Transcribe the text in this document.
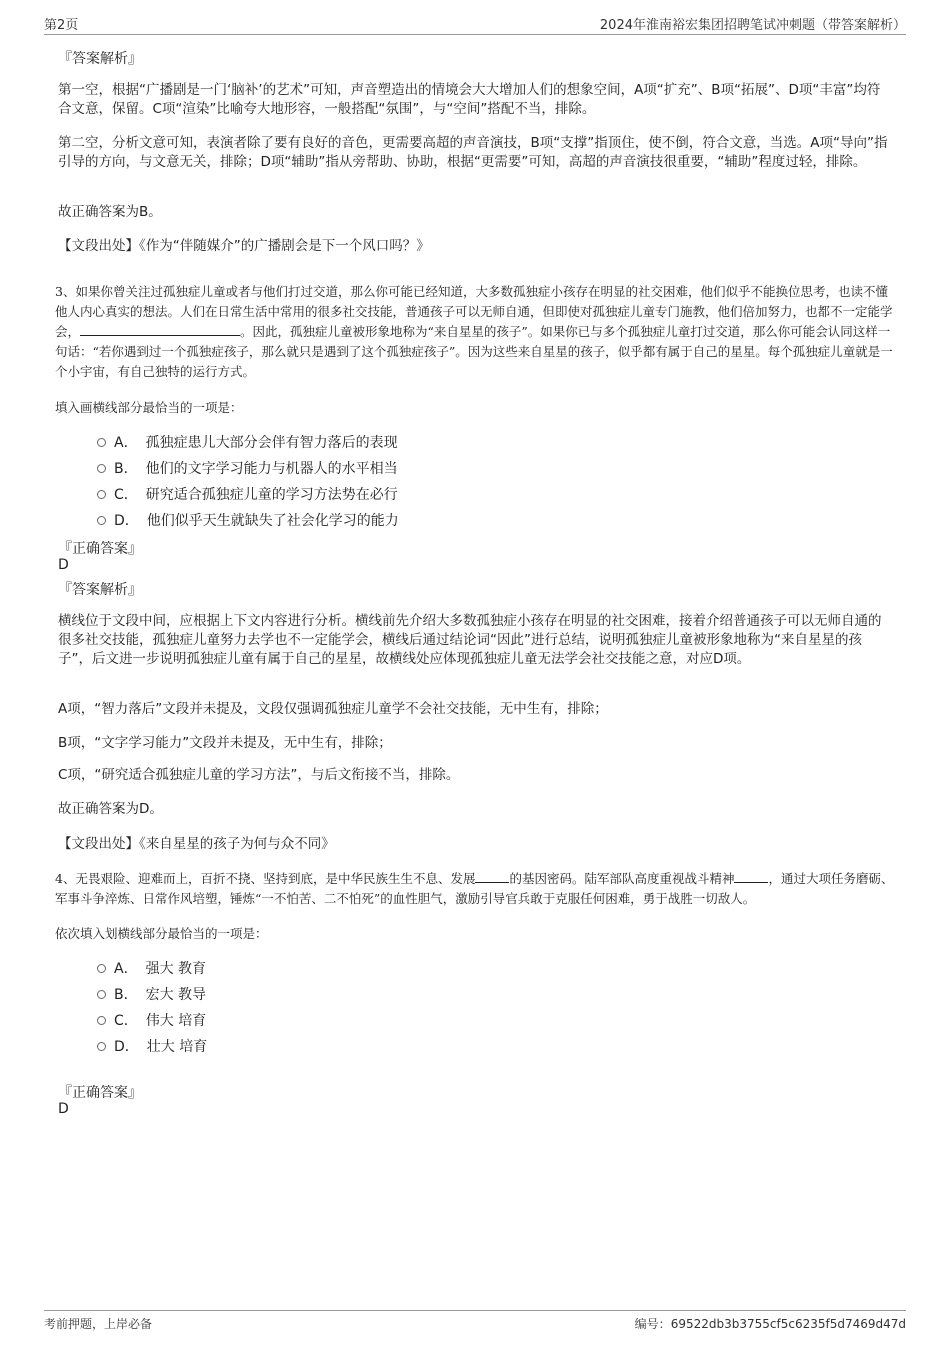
第2页	2024年淮南裕宏集团招聘笔试冲刺题（带答案解析）
『答案解析』
第一空，根据“广播剧是一门‘脑补’的艺术”可知，声音塑造出的情境会大大增加人们的想象空间，A项“扩充”、B项“拓展”、D项“丰富”均符合文意，保留。C项“渲染”比喻夸大地形容，一般搭配“氛围”，与“空间”搭配不当，排除。
第二空，分析文意可知，表演者除了要有良好的音色，更需要高超的声音演技，B项“支撑”指顶住，使不倒，符合文意，当选。A项“导向”指引导的方向，与文意无关，排除；D项“辅助”指从旁帮助、协助，根据“更需要”可知，高超的声音演技很重要，“辅助”程度过轻，排除。
故正确答案为B。
【文段出处】《作为“伴随媒介”的广播剧会是下一个风口吗？》
3、如果你曾关注过孤独症儿童或者与他们打过交道，那么你可能已经知道，大多数孤独症小孩存在明显的社交困难，他们似乎不能换位思考，也读不懂他人内心真实的想法。人们在日常生活中常用的很多社交技能，普通孩子可以无师自通，但即使对孤独症儿童专门施教，他们倍加努力，也都不一定能学会，	。因此，孤独症儿童被形象地称为“来自星星的孩子”。如果你已与多个孤独症儿童打过交道，那么你可能会认同这样一句话：“若你遇到过一个孤独症孩子，那么就只是遇到了这个孤独症孩子”。因为这些来自星星的孩子，似乎都有属于自己的星星。每个孤独症儿童就是一个小宇宙，有自己独特的运行方式。
填入画横线部分最恰当的一项是：
A． 孤独症患儿大部分会伴有智力落后的表现
B． 他们的文字学习能力与机器人的水平相当
C． 研究适合孤独症儿童的学习方法势在必行
D． 他们似乎天生就缺失了社会化学习的能力
『正确答案』
D
『答案解析』
横线位于文段中间，应根据上下文内容进行分析。横线前先介绍大多数孤独症小孩存在明显的社交困难，接着介绍普通孩子可以无师自通的很多社交技能，孤独症儿童努力去学也不一定能学会，横线后通过结论词“因此”进行总结，说明孤独症儿童被形象地称为“来自星星的孩子”，后文进一步说明孤独症儿童有属于自己的星星，故横线处应体现孤独症儿童无法学会社交技能之意，对应D项。
A项，“智力落后”文段并未提及，文段仅强调孤独症儿童学不会社交技能，无中生有，排除；
B项，“文字学习能力”文段并未提及，无中生有，排除；
C项，“研究适合孤独症儿童的学习方法”，与后文衔接不当，排除。
故正确答案为D。
【文段出处】《来自星星的孩子为何与众不同》
4、无畏艰险、迎难而上，百折不挠、坚持到底，是中华民族生生不息、发展	的基因密码。陆军部队高度重视战斗精神	，通过大项任务磨砺、军事斗争淬炼、日常作风培塑，锤炼“一不怕苦、二不怕死”的血性胆气，激励引导官兵敢于克服任何困难，勇于战胜一切敌人。
依次填入划横线部分最恰当的一项是：
A． 强大 教育
B． 宏大 教导
C． 伟大 培育
D． 壮大 培育
『正确答案』
D
考前押题，上岸必备	编号：69522db3b3755cf5c6235f5d7469d47d
